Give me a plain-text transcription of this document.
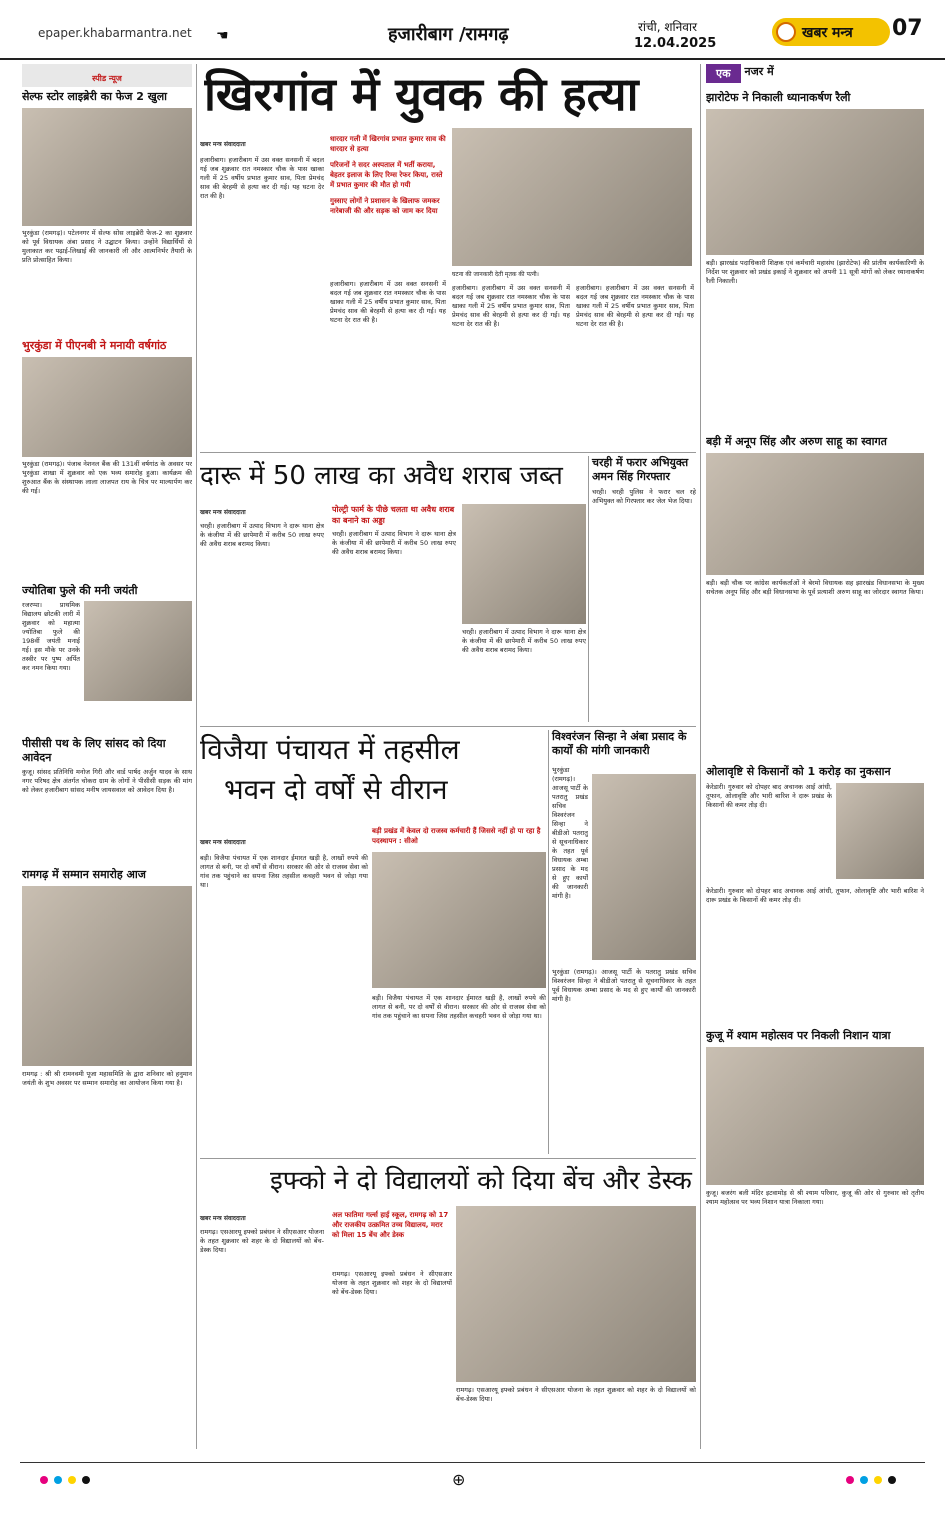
epaper.khabarmantra.net ☚	हजारीबाग /रामगढ़	रांची, शनिवार
12.04.2025
खबर मन्त्र 07
स्पीड न्यूज
सेल्फ स्टोर लाइब्रेरी का फेज 2 खुला
भुरकुंडा (रामगढ़)। पटेलनगर में सेल्फ सोस लाइब्रेरी फेज-2 का शुक्रवार को पूर्व विधायक अंबा प्रसाद ने उद्घाटन किया। उन्होंने विद्यार्थियों से मुलाकात कर पढ़ाई-लिखाई की जानकारी ली और आत्मनिर्भर तैयारी के प्रति प्रोत्साहित किया।
भुरकुंडा में पीएनबी ने मनायी वर्षगांठ
भुरकुंडा (रामगढ़)। पंजाब नेशनल बैंक की 131वीं वर्षगांठ के अवसर पर भुरकुंडा शाखा में शुक्रवार को एक भव्य समारोह हुआ। कार्यक्रम की शुरुआत बैंक के संस्थापक लाला लाजपत राय के चित्र पर माल्यार्पण कर की गई।
ज्योतिबा फुले की मनी जयंती
रजरप्पा। प्राथमिक विद्यालय छोटकी लारी में शुक्रवार को महात्मा ज्योतिबा फुले की 198वीं जयंती मनाई गई। इस मौके पर उनके तस्वीर पर पुष्प अर्पित कर नमन किया गया।
पीसीसी पथ के लिए सांसद को दिया आवेदन
कुजू। सांसद प्रतिनिधि मनोज गिरी और वार्ड पार्षद अर्जुन यादव के साथ नगर परिषद क्षेत्र अंतर्गत चोकरा ग्राम के लोगों ने पीसीसी सड़क की मांग को लेकर हजारीबाग सांसद मनीष जायसवाल को आवेदन दिया है।
रामगढ़ में सम्मान समारोह आज
रामगढ़ : श्री श्री रामनवमी पूजा महासमिति के द्वारा शनिवार को हनुमान जयंती के शुभ अवसर पर सम्मान समारोह का आयोजन किया गया है।
खिरगांव में युवक की हत्या
खबर मन्त्र संवाददाता
हजारीबाग। हजारीबाग में उस वक्त सनसनी में बदल गई जब शुक्रवार रात नमस्कार चौक के पास खाका गली में 25 वर्षीय प्रभात कुमार साव, पिता प्रेमचंद साव की बेरहमी से हत्या कर दी गई। यह घटना देर रात की है।
धारदार गली में खिरगांव प्रभात कुमार साव की धारदार से हत्या
परिजनों ने सदर अस्पताल में भर्ती कराया, बेहतर इलाज के लिए रिम्स रेफर किया, रास्ते में प्रभात कुमार की मौत हो गयी
गुस्साए लोगों ने प्रशासन के खिलाफ जमकर नारेबाजी की और सड़क को जाम कर दिया
हजारीबाग। हजारीबाग में उस वक्त सनसनी में बदल गई जब शुक्रवार रात नमस्कार चौक के पास खाका गली में 25 वर्षीय प्रभात कुमार साव, पिता प्रेमचंद साव की बेरहमी से हत्या कर दी गई। यह घटना देर रात की है।
घटना की जानकारी देती मृतक की पत्नी।
हजारीबाग। हजारीबाग में उस वक्त सनसनी में बदल गई जब शुक्रवार रात नमस्कार चौक के पास खाका गली में 25 वर्षीय प्रभात कुमार साव, पिता प्रेमचंद साव की बेरहमी से हत्या कर दी गई। यह घटना देर रात की है।
हजारीबाग। हजारीबाग में उस वक्त सनसनी में बदल गई जब शुक्रवार रात नमस्कार चौक के पास खाका गली में 25 वर्षीय प्रभात कुमार साव, पिता प्रेमचंद साव की बेरहमी से हत्या कर दी गई। यह घटना देर रात की है।
एक	नजर में
झारोटेफ ने निकाली ध्यानाकर्षण रैली
बड़ी। झारखंड पदाधिकारी शिक्षक एवं कर्मचारी महासंघ (झारोटेफ) की प्रांतीय कार्यकारिणी के निर्देश पर शुक्रवार को प्रखंड इकाई ने शुक्रवार को अपनी 11 सूत्री मांगों को लेकर ध्यानाकर्षण रैली निकाली।
बड़ी में अनूप सिंह और अरुण साहू का स्वागत
बड़ी। बड़ी चौक पर कांग्रेस कार्यकर्ताओं ने बेरमो विधायक सह झारखंड विधानसभा के मुख्य सचेतक अनूप सिंह और बड़ी विधानसभा के पूर्व प्रत्याशी अरुण साहू का जोरदार स्वागत किया।
ओलावृष्टि से किसानों को 1 करोड़ का नुकसान
केरेडारी। गुरुवार को दोपहर बाद अचानक आई आंधी, तूफान, ओलावृष्टि और भारी बारिश ने दारू प्रखंड के किसानों की कमर तोड़ दी।
केरेडारी। गुरुवार को दोपहर बाद अचानक आई आंधी, तूफान, ओलावृष्टि और भारी बारिश ने दारू प्रखंड के किसानों की कमर तोड़ दी।
कुजू में श्याम महोत्सव पर निकली निशान यात्रा
कुजू। बजरंग बली मंदिर इटवामोड़ से श्री श्याम परिवार, कुजू की ओर से गुरुवार को तृतीय श्याम महोत्सव पर भव्य निशान यात्रा निकाला गया।
दारू में 50 लाख का अवैध शराब जब्त
खबर मन्त्र संवाददाता	पोल्ट्री फार्म के पीछे चलता था अवैध शराब का बनाने का अड्डा
चरही। हजारीबाग में उत्पाद विभाग ने दारू थाना क्षेत्र के कंजीया में की छापेमारी में करीब 50 लाख रुपए की अवैध शराब बरामद किया।
चरही। हजारीबाग में उत्पाद विभाग ने दारू थाना क्षेत्र के कंजीया में की छापेमारी में करीब 50 लाख रुपए की अवैध शराब बरामद किया।
चरही। हजारीबाग में उत्पाद विभाग ने दारू थाना क्षेत्र के कंजीया में की छापेमारी में करीब 50 लाख रुपए की अवैध शराब बरामद किया।
चरही में फरार अभियुक्त अमन सिंह गिरफ्तार
चरही। चरही पुलिस ने फरार चल रहे अभियुक्त को गिरफ्तार कर जेल भेज दिया।
विजैया पंचायत में तहसील
भवन दो वर्षों से वीरान
खबर मन्त्र संवाददाता
बड़ी प्रखंड में केवल दो राजस्व कर्मचारी हैं जिससे नहीं हो पा रहा है पदस्थापन : सीओ
बड़ी। विजैया पंचायत में एक शानदार ईमारत खड़ी है, लाखों रुपये की लागत से बनी, पर दो वर्षों से वीरान। सरकार की ओर से राजस्व सेवा को गांव तक पहुंचाने का सपना जिस तहसील कचहरी भवन से जोड़ा गया था।
बड़ी। विजैया पंचायत में एक शानदार ईमारत खड़ी है, लाखों रुपये की लागत से बनी, पर दो वर्षों से वीरान। सरकार की ओर से राजस्व सेवा को गांव तक पहुंचाने का सपना जिस तहसील कचहरी भवन से जोड़ा गया था।
विश्वरंजन सिन्हा ने अंबा प्रसाद के कार्यों की मांगी जानकारी
भुरकुंडा (रामगढ़)। आजसू पार्टी के पतरातु प्रखंड सचिव विश्वरंजन सिन्हा ने बीडीओ पतरातु से सूचनाधिकार के तहत पूर्व विधायक अम्बा प्रसाद के मद से हुए कार्यों की जानकारी मांगी है।
भुरकुंडा (रामगढ़)। आजसू पार्टी के पतरातु प्रखंड सचिव विश्वरंजन सिन्हा ने बीडीओ पतरातु से सूचनाधिकार के तहत पूर्व विधायक अम्बा प्रसाद के मद से हुए कार्यों की जानकारी मांगी है।
इफ्को ने दो विद्यालयों को दिया बेंच और डेस्क
खबर मन्त्र संवाददाता	अल फातिमा गर्ल्स हाई स्कूल, रामगढ़ को 17 और राजकीय उत्क्रमित उच्च विद्यालय, मरार को मिला 15 बेंच और डेस्क
रामगढ़। एसआरयू इफ्को प्रबंधन ने सीएसआर योजना के तहत शुक्रवार को शहर के दो विद्यालयों को बेंच-डेस्क दिया।
रामगढ़। एसआरयू इफ्को प्रबंधन ने सीएसआर योजना के तहत शुक्रवार को शहर के दो विद्यालयों को बेंच-डेस्क दिया।
रामगढ़। एसआरयू इफ्को प्रबंधन ने सीएसआर योजना के तहत शुक्रवार को शहर के दो विद्यालयों को बेंच-डेस्क दिया।
⊕
